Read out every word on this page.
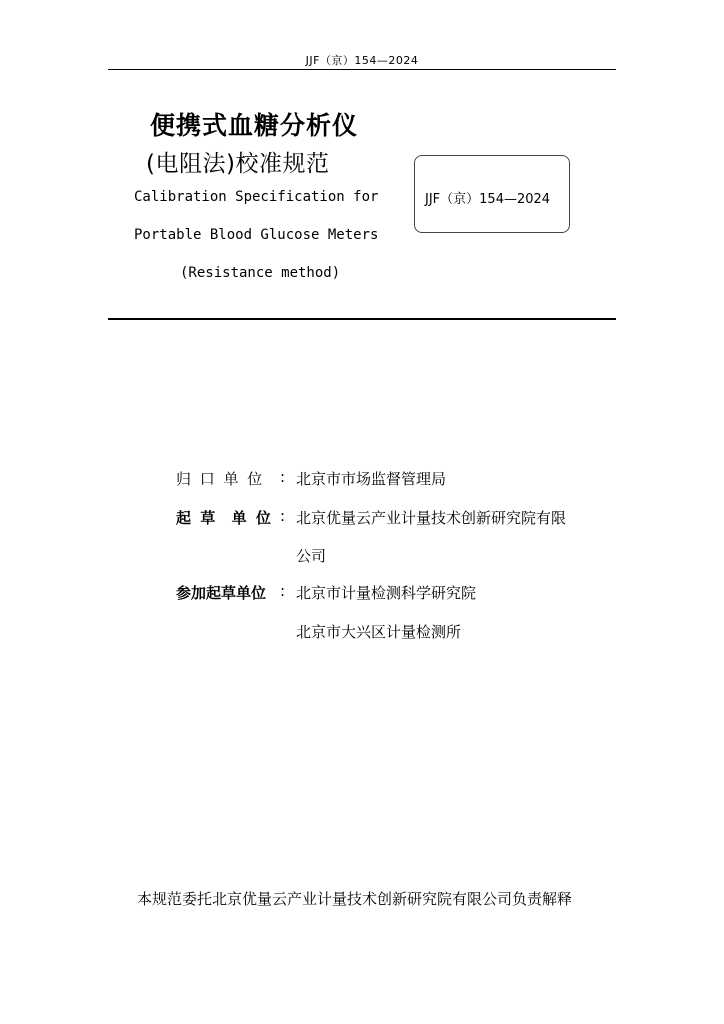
JJF（京）154—2024
便携式血糖分析仪
(电阻法)校准规范
Calibration Specification for
Portable Blood Glucose Meters
(Resistance method)
JJF（京）154—2024
归 口 单 位 : 北京市市场监督管理局
起 草  单 位 : 北京优量云产业计量技术创新研究院有限
公司
参加起草单位 : 北京市计量检测科学研究院
北京市大兴区计量检测所
本规范委托北京优量云产业计量技术创新研究院有限公司负责解释
